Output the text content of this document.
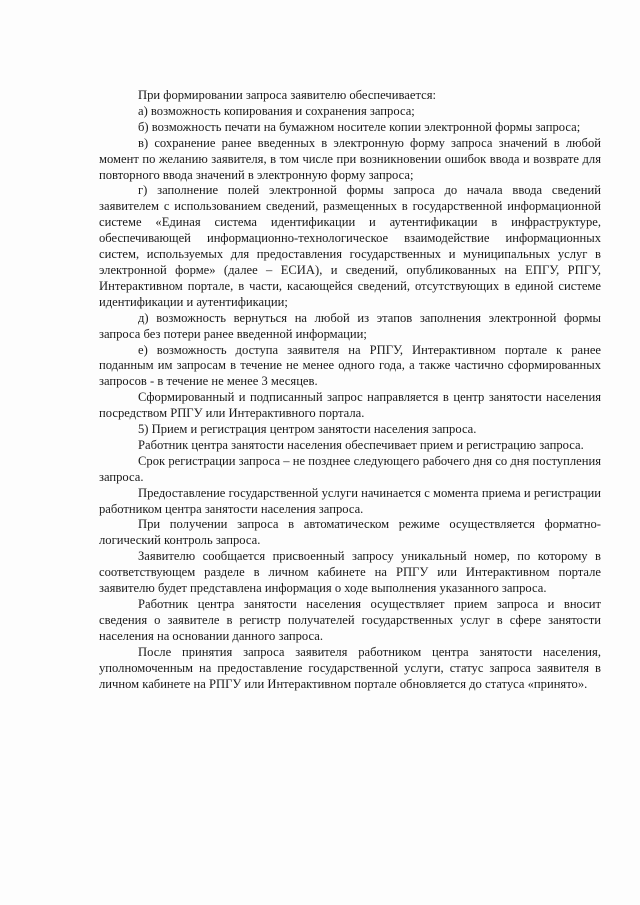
При формировании запроса заявителю обеспечивается:

а) возможность копирования и сохранения запроса;

б) возможность печати на бумажном носителе копии электронной формы запроса;

в) сохранение ранее введенных в электронную форму запроса значений в любой момент по желанию заявителя, в том числе при возникновении ошибок ввода и возврате для повторного ввода значений в электронную форму запроса;

г) заполнение полей электронной формы запроса до начала ввода сведений заявителем с использованием сведений, размещенных в государственной информационной системе «Единая система идентификации и аутентификации в инфраструктуре, обеспечивающей информационно-технологическое взаимодействие информационных систем, используемых для предоставления государственных и муниципальных услуг в электронной форме» (далее – ЕСИА), и сведений, опубликованных на ЕПГУ, РПГУ, Интерактивном портале, в части, касающейся сведений, отсутствующих в единой системе идентификации и аутентификации;

д) возможность вернуться на любой из этапов заполнения электронной формы запроса без потери ранее введенной информации;

е) возможность доступа заявителя на РПГУ, Интерактивном портале к ранее поданным им запросам в течение не менее одного года, а также частично сформированных запросов - в течение не менее 3 месяцев.

Сформированный и подписанный запрос направляется в центр занятости населения посредством РПГУ или Интерактивного портала.

5) Прием и регистрация центром занятости населения запроса.

Работник центра занятости населения обеспечивает прием и регистрацию запроса.

Срок регистрации запроса – не позднее следующего рабочего дня со дня поступления запроса.

Предоставление государственной услуги начинается с момента приема и регистрации работником центра занятости населения запроса.

При получении запроса в автоматическом режиме осуществляется форматно-логический контроль запроса.

Заявителю сообщается присвоенный запросу уникальный номер, по которому в соответствующем разделе в личном кабинете на РПГУ или Интерактивном портале заявителю будет представлена информация о ходе выполнения указанного запроса.

Работник центра занятости населения осуществляет прием запроса и вносит сведения о заявителе в регистр получателей государственных услуг в сфере занятости населения на основании данного запроса.

После принятия запроса заявителя работником центра занятости населения, уполномоченным на предоставление государственной услуги, статус запроса заявителя в личном кабинете на РПГУ или Интерактивном портале обновляется до статуса «принято».
